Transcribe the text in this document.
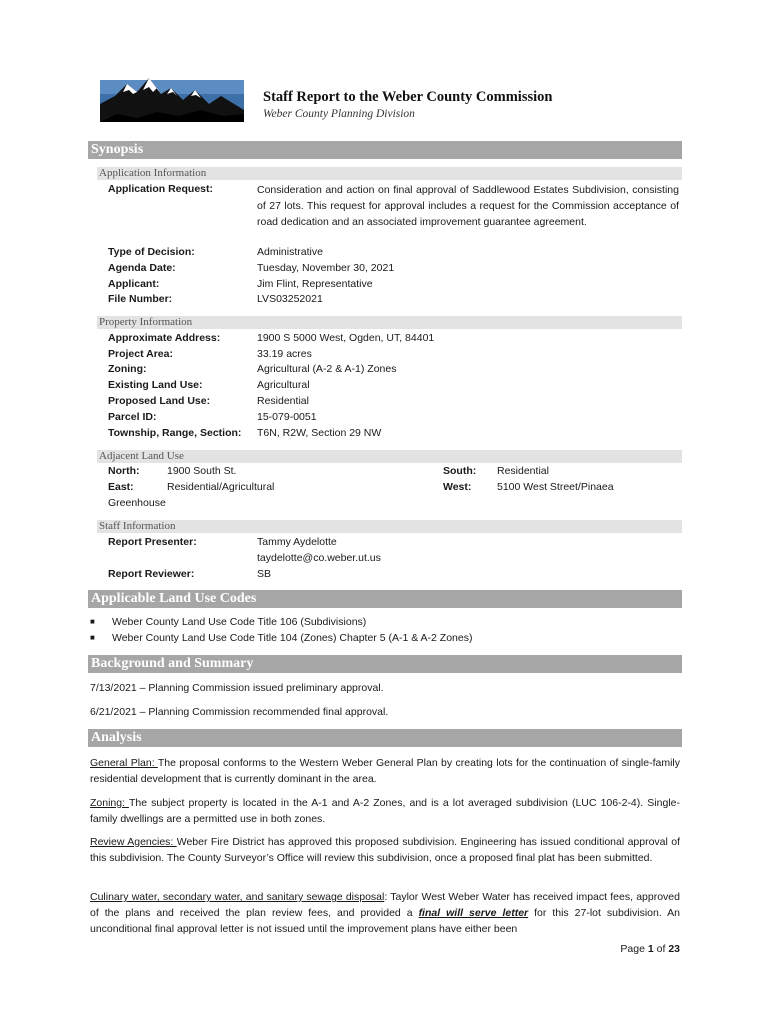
Staff Report to the Weber County Commission
Weber County Planning Division
Synopsis
Application Information
Application Request:	Consideration and action on final approval of Saddlewood Estates Subdivision, consisting of 27 lots. This request for approval includes a request for the Commission acceptance of road dedication and an associated improvement guarantee agreement.
Type of Decision:	Administrative
Agenda Date:	Tuesday, November 30, 2021
Applicant:	Jim Flint, Representative
File Number:	LVS03252021
Property Information
Approximate Address:	1900 S 5000 West, Ogden, UT, 84401
Project Area:	33.19 acres
Zoning:	Agricultural (A-2 & A-1) Zones
Existing Land Use:	Agricultural
Proposed Land Use:	Residential
Parcel ID:	15-079-0051
Township, Range, Section: T6N, R2W, Section 29 NW
Adjacent Land Use
North:	1900 South St.	South: Residential
East:	Residential/Agricultural	West: 5100 West Street/Pinaea
Greenhouse
Staff Information
Report Presenter:	Tammy Aydelotte
taydelotte@co.weber.ut.us
Report Reviewer:	SB
Applicable Land Use Codes
■ Weber County Land Use Code Title 106 (Subdivisions)
■ Weber County Land Use Code Title 104 (Zones) Chapter 5 (A-1 & A-2 Zones)
Background and Summary
7/13/2021 – Planning Commission issued preliminary approval.
6/21/2021 – Planning Commission recommended final approval.
Analysis
General Plan: The proposal conforms to the Western Weber General Plan by creating lots for the continuation of single-family residential development that is currently dominant in the area.
Zoning: The subject property is located in the A-1 and A-2 Zones, and is a lot averaged subdivision (LUC 106-2-4). Single-family dwellings are a permitted use in both zones.
Review Agencies: Weber Fire District has approved this proposed subdivision. Engineering has issued conditional approval of this subdivision. The County Surveyor’s Office will review this subdivision, once a proposed final plat has been submitted.
Culinary water, secondary water, and sanitary sewage disposal: Taylor West Weber Water has received impact fees, approved of the plans and received the plan review fees, and provided a final will serve letter for this 27-lot subdivision. An unconditional final approval letter is not issued until the improvement plans have either been
Page 1 of 23
